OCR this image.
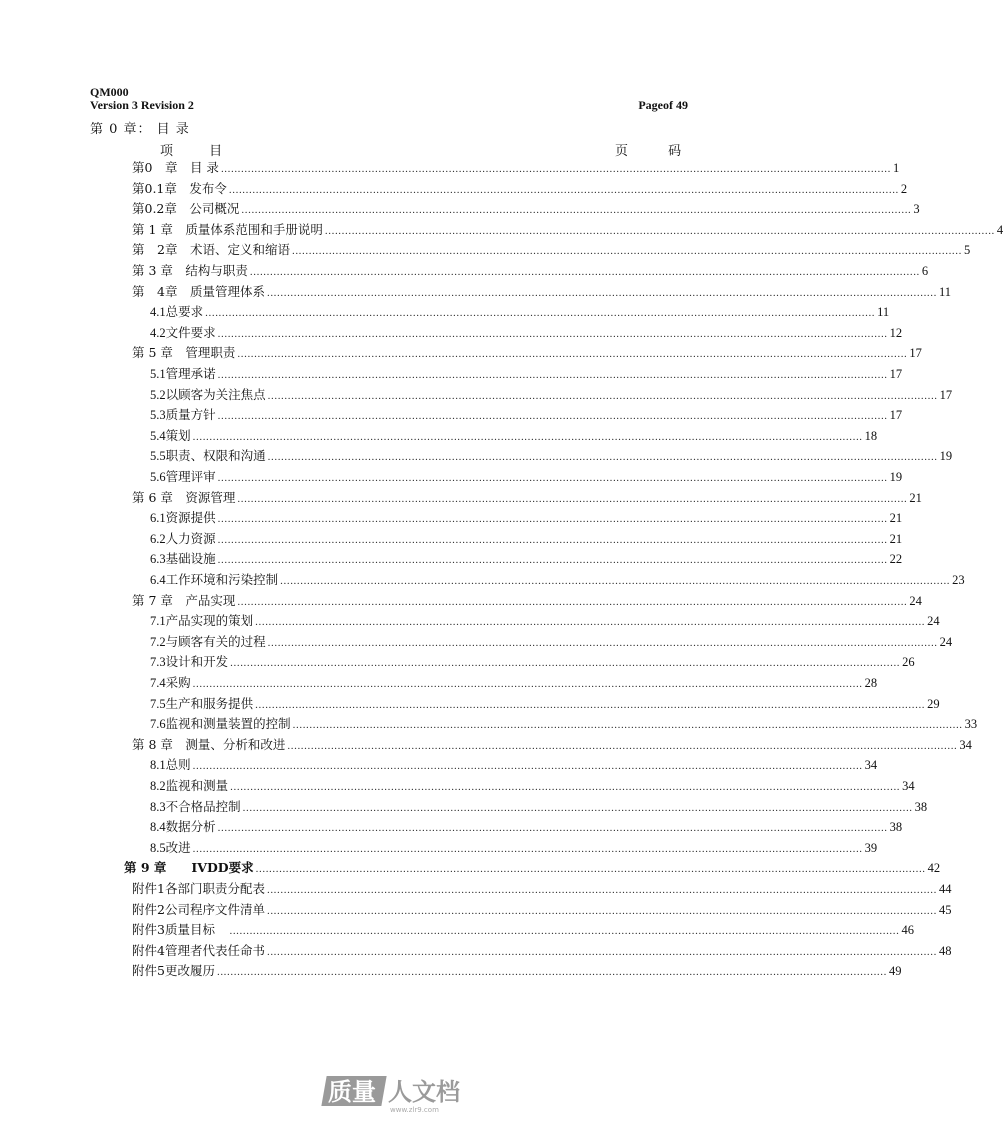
QM000
Version 3 Revision 2	Pageof 49
第 0 章： 目 录
项 目	页 码
第0　章　目 录 ........................................................................................................................................................................................................ 1
第0.1章　发布令 ........................................................................................................................................................................................................ 2
第0.2章　公司概况 ........................................................................................................................................................................................................ 3
第 1 章　质量体系范围和手册说明 ........................................................................................................................................................................................................ 4
第　2章　术语、定义和缩语 ........................................................................................................................................................................................................ 5
第 3 章　结构与职责 ........................................................................................................................................................................................................ 6
第　4章　质量管理体系 ........................................................................................................................................................................................................ 11
4.1 总要求 ........................................................................................................................................................................................................ 11
4.2 文件要求 ........................................................................................................................................................................................................ 12
第 5 章　管理职责 ........................................................................................................................................................................................................ 17
5.1 管理承诺 ........................................................................................................................................................................................................ 17
5.2 以顾客为关注焦点 ........................................................................................................................................................................................................ 17
5.3 质量方针 ........................................................................................................................................................................................................ 17
5.4 策划 ........................................................................................................................................................................................................ 18
5.5 职责、权限和沟通 ........................................................................................................................................................................................................ 19
5.6 管理评审 ........................................................................................................................................................................................................ 19
第 6 章　资源管理 ........................................................................................................................................................................................................ 21
6.1 资源提供 ........................................................................................................................................................................................................ 21
6.2 人力资源 ........................................................................................................................................................................................................ 21
6.3 基础设施 ........................................................................................................................................................................................................ 22
6.4 工作环境和污染控制 ........................................................................................................................................................................................................ 23
第 7 章　产品实现 ........................................................................................................................................................................................................ 24
7.1 产品实现的策划 ........................................................................................................................................................................................................ 24
7.2 与顾客有关的过程 ........................................................................................................................................................................................................ 24
7.3 设计和开发 ........................................................................................................................................................................................................ 26
7.4 采购 ........................................................................................................................................................................................................ 28
7.5 生产和服务提供 ........................................................................................................................................................................................................ 29
7.6 监视和测量装置的控制 ........................................................................................................................................................................................................ 33
第 8 章　测量、分析和改进 ........................................................................................................................................................................................................ 34
8.1 总则 ........................................................................................................................................................................................................ 34
8.2 监视和测量 ........................................................................................................................................................................................................ 34
8.3 不合格品控制 ........................................................................................................................................................................................................ 38
8.4 数据分析 ........................................................................................................................................................................................................ 38
8.5 改进 ........................................................................................................................................................................................................ 39
第 9 章　　IVDD要求 ........................................................................................................................................................................................................ 42
附件1各部门职责分配表 ........................................................................................................................................................................................................ 44
附件2公司程序文件清单 ........................................................................................................................................................................................................ 45
附件3质量目标　 ........................................................................................................................................................................................................ 46
附件4管理者代表任命书 ........................................................................................................................................................................................................ 48
附件5更改履历 ........................................................................................................................................................................................................ 49
质量 人文档
www.zlr9.com
